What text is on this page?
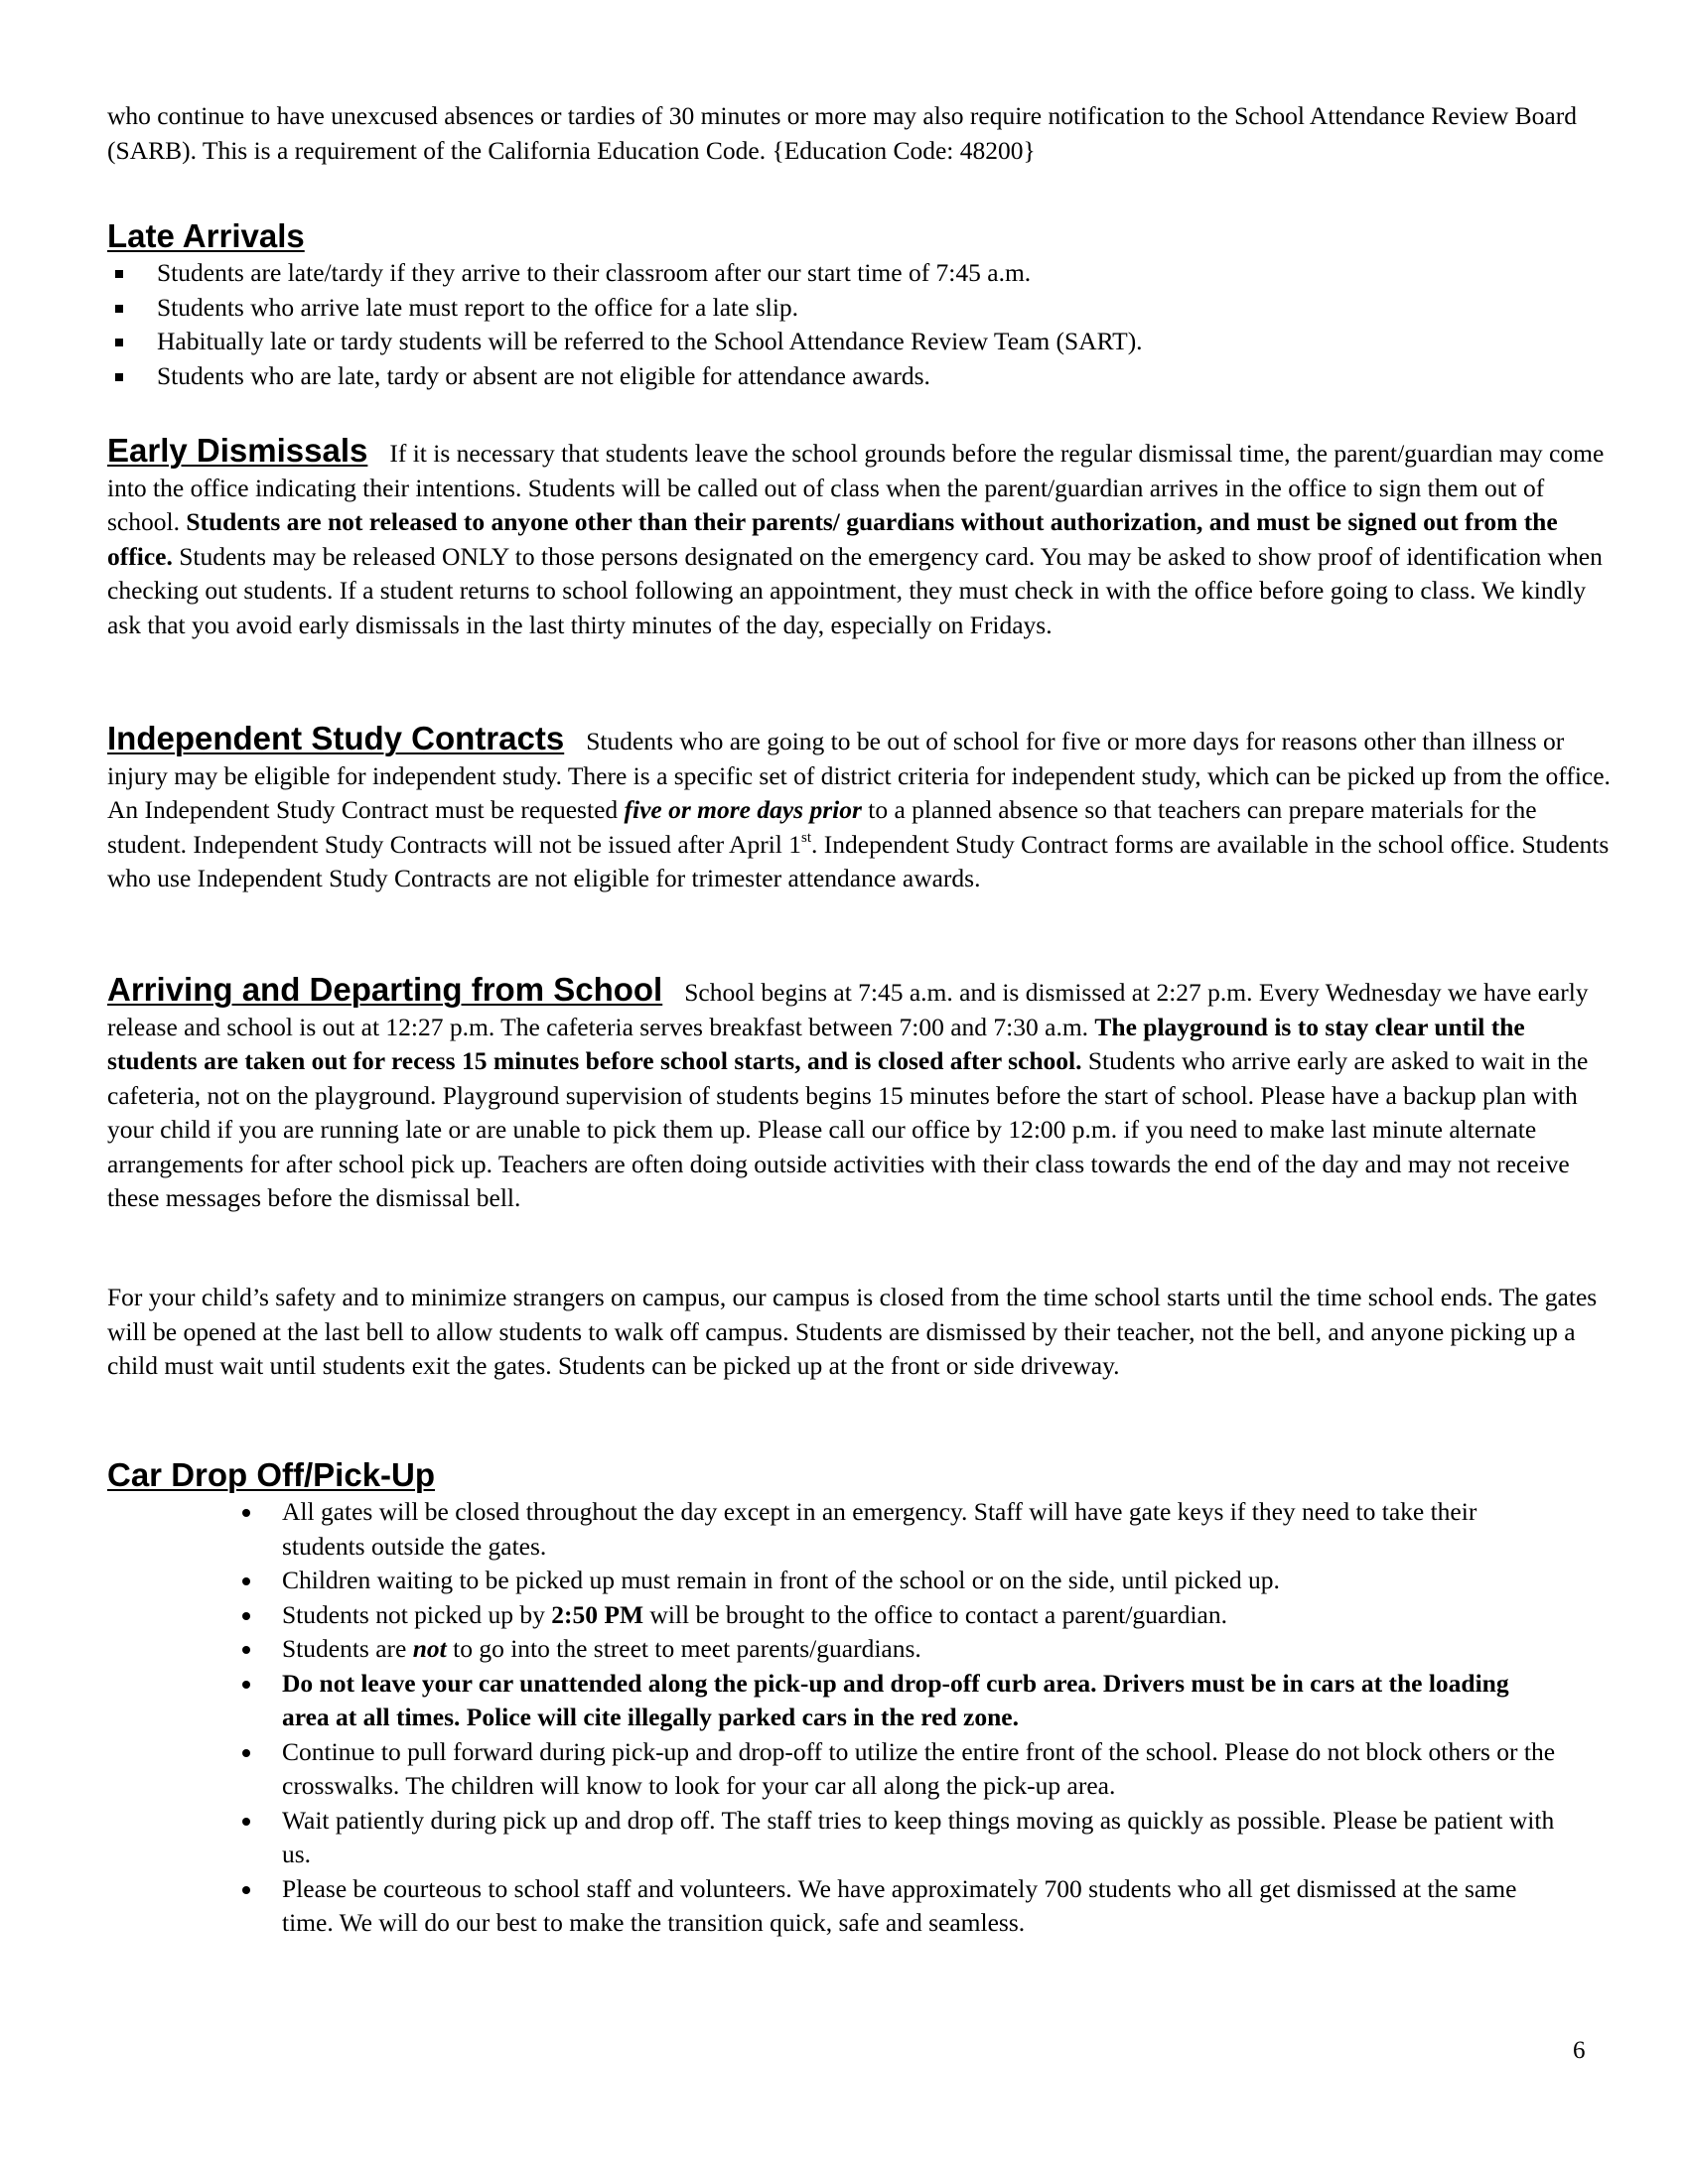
who continue to have unexcused absences or tardies of 30 minutes or more may also require notification to the School Attendance Review Board (SARB). This is a requirement of the California Education Code. {Education Code: 48200}
Late Arrivals
Students are late/tardy if they arrive to their classroom after our start time of 7:45 a.m.
Students who arrive late must report to the office for a late slip.
Habitually late or tardy students will be referred to the School Attendance Review Team (SART).
Students who are late, tardy or absent are not eligible for attendance awards.
Early Dismissals If it is necessary that students leave the school grounds before the regular dismissal time, the parent/guardian may come into the office indicating their intentions. Students will be called out of class when the parent/guardian arrives in the office to sign them out of school. Students are not released to anyone other than their parents/ guardians without authorization, and must be signed out from the office. Students may be released ONLY to those persons designated on the emergency card. You may be asked to show proof of identification when checking out students. If a student returns to school following an appointment, they must check in with the office before going to class. We kindly ask that you avoid early dismissals in the last thirty minutes of the day, especially on Fridays.
Independent Study Contracts Students who are going to be out of school for five or more days for reasons other than illness or injury may be eligible for independent study. There is a specific set of district criteria for independent study, which can be picked up from the office. An Independent Study Contract must be requested five or more days prior to a planned absence so that teachers can prepare materials for the student. Independent Study Contracts will not be issued after April 1st. Independent Study Contract forms are available in the school office. Students who use Independent Study Contracts are not eligible for trimester attendance awards.
Arriving and Departing from School School begins at 7:45 a.m. and is dismissed at 2:27 p.m. Every Wednesday we have early release and school is out at 12:27 p.m. The cafeteria serves breakfast between 7:00 and 7:30 a.m. The playground is to stay clear until the students are taken out for recess 15 minutes before school starts, and is closed after school. Students who arrive early are asked to wait in the cafeteria, not on the playground. Playground supervision of students begins 15 minutes before the start of school. Please have a backup plan with your child if you are running late or are unable to pick them up. Please call our office by 12:00 p.m. if you need to make last minute alternate arrangements for after school pick up. Teachers are often doing outside activities with their class towards the end of the day and may not receive these messages before the dismissal bell.
For your child’s safety and to minimize strangers on campus, our campus is closed from the time school starts until the time school ends. The gates will be opened at the last bell to allow students to walk off campus. Students are dismissed by their teacher, not the bell, and anyone picking up a child must wait until students exit the gates. Students can be picked up at the front or side driveway.
Car Drop Off/Pick-Up
All gates will be closed throughout the day except in an emergency. Staff will have gate keys if they need to take their students outside the gates.
Children waiting to be picked up must remain in front of the school or on the side, until picked up.
Students not picked up by 2:50 PM will be brought to the office to contact a parent/guardian.
Students are not to go into the street to meet parents/guardians.
Do not leave your car unattended along the pick-up and drop-off curb area. Drivers must be in cars at the loading area at all times. Police will cite illegally parked cars in the red zone.
Continue to pull forward during pick-up and drop-off to utilize the entire front of the school. Please do not block others or the crosswalks. The children will know to look for your car all along the pick-up area.
Wait patiently during pick up and drop off. The staff tries to keep things moving as quickly as possible. Please be patient with us.
Please be courteous to school staff and volunteers. We have approximately 700 students who all get dismissed at the same time. We will do our best to make the transition quick, safe and seamless.
6
